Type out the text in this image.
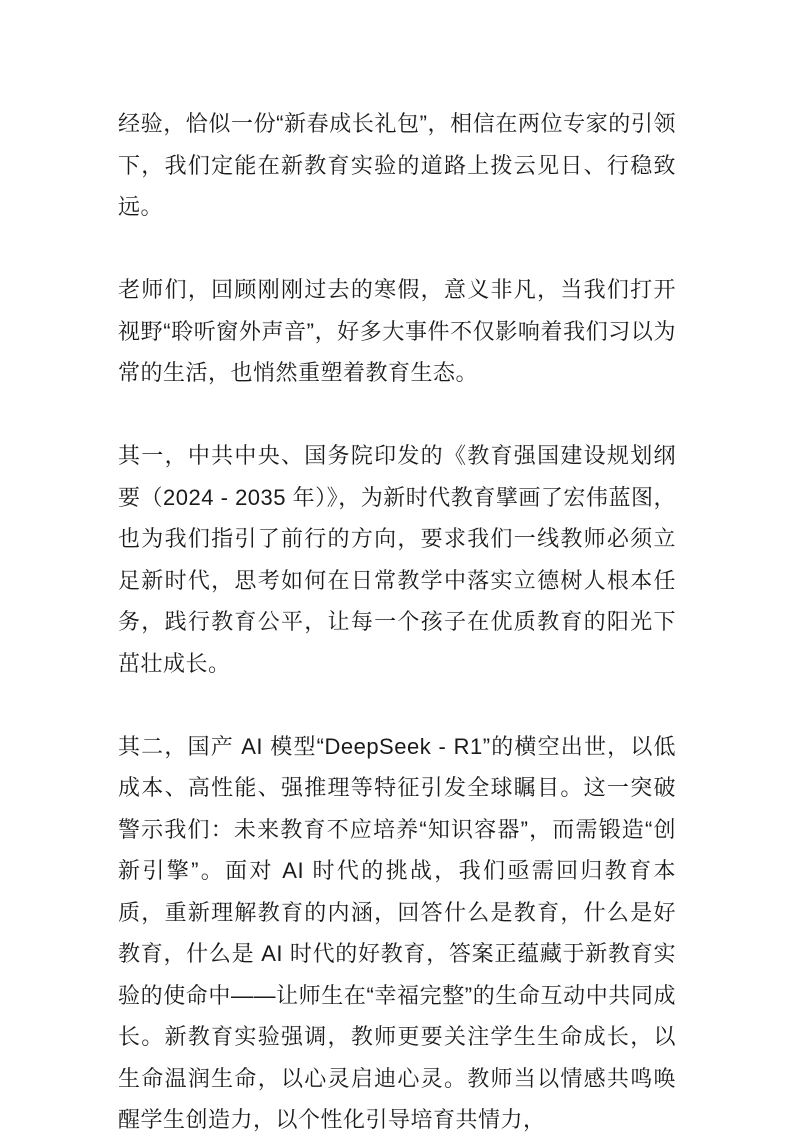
经验，恰似一份“新春成长礼包”，相信在两位专家的引领下，我们定能在新教育实验的道路上拨云见日、行稳致远。

老师们，回顾刚刚过去的寒假，意义非凡，当我们打开视野“聆听窗外声音”，好多大事件不仅影响着我们习以为常的生活，也悄然重塑着教育生态。

其一，中共中央、国务院印发的《教育强国建设规划纲要（2024 - 2035 年）》，为新时代教育擘画了宏伟蓝图，也为我们指引了前行的方向，要求我们一线教师必须立足新时代，思考如何在日常教学中落实立德树人根本任务，践行教育公平，让每一个孩子在优质教育的阳光下茁壮成长。

其二，国产 AI 模型“DeepSeek - R1”的横空出世，以低成本、高性能、强推理等特征引发全球瞩目。这一突破警示我们：未来教育不应培养“知识容器”，而需锻造“创新引擎”。面对 AI 时代的挑战，我们亟需回归教育本质，重新理解教育的内涵，回答什么是教育，什么是好教育，什么是 AI 时代的好教育，答案正蕴藏于新教育实验的使命中——让师生在“幸福完整”的生命互动中共同成长。新教育实验强调，教师更要关注学生生命成长，以生命温润生命，以心灵启迪心灵。教师当以情感共鸣唤醒学生创造力，以个性化引导培育共情力，
